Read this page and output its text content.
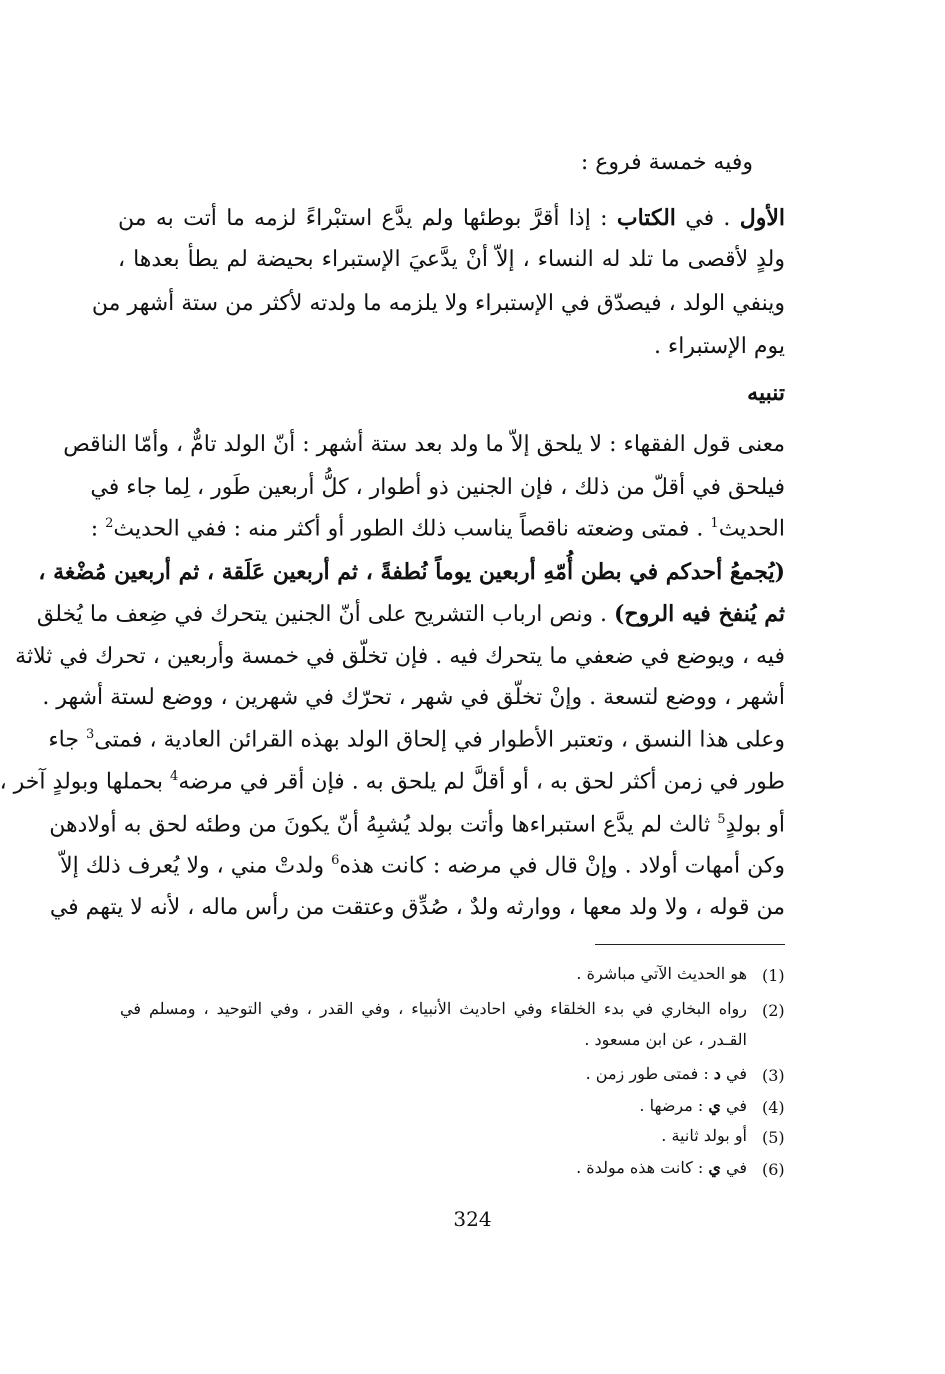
وفيه خمسة فروع :
الأول . في الكتاب : إذا أقرَّ بوطئها ولم يدَّع استبْراءً لزمه ما أتت به من
ولدٍ لأقصى ما تلد له النساء ، إلاّ أنْ يدَّعيَ الإستبراء بحيضة لم يطأ بعدها ،
وينفي الولد ، فيصدّق في الإستبراء ولا يلزمه ما ولدته لأكثر من ستة أشهر من
يوم الإستبراء .
تنبيه
معنى قول الفقهاء : لا يلحق إلاّ ما ولد بعد ستة أشهر : أنّ الولد تامٌّ ، وأمّا الناقص
فيلحق في أقلّ من ذلك ، فإن الجنين ذو أطوار ، كلُّ أربعين طَور ، لِما جاء في
الحديث$^1$ . فمتى وضعته ناقصاً يناسب ذلك الطور أو أكثر منه : ففي الحديث$^2$ :
(يُجمعُ أحدكم في بطن أُمّهِ أربعين يوماً نُطفةً ، ثم أربعين عَلَقة ، ثم أربعين مُضْغة ،
ثم يُنفخ فيه الروح) . ونص ارباب التشريح على أنّ الجنين يتحرك في ضِعف ما يُخلق
فيه ، ويوضع في ضعفي ما يتحرك فيه . فإن تخلّق في خمسة وأربعين ، تحرك في ثلاثة
أشهر ، ووضع لتسعة . وإنْ تخلّق في شهر ، تحرّك في شهرين ، ووضع لستة أشهر .
وعلى هذا النسق ، وتعتبر الأطوار في إلحاق الولد بهذه القرائن العادية ، فمتى$^3$ جاء
طور في زمن أكثر لحق به ، أو أقلَّ لم يلحق به . فإن أقر في مرضه$^4$ بحملها وبولدٍ آخر ،
أو بولدٍ$^5$ ثالث لم يدَّع استبراءها وأتت بولد يُشبِهُ أنّ يكونَ من وطئه لحق به أولادهن
وكن أمهات أولاد . وإنْ قال في مرضه : كانت هذه$^6$ ولدتْ مني ، ولا يُعرف ذلك إلاّ
من قوله ، ولا ولد معها ، ووارثه ولدٌ ، صُدِّق وعتقت من رأس ماله ، لأنه لا يتهم في
(1)
هو الحديث الآتي مباشرة .
(2)
رواه البخاري في بدء الخلقاء وفي احاديث الأنبياء ، وفي القدر ، وفي التوحيد ، ومسلم في
القـدر ، عن ابن مسعود .
(3)
في د : فمتى طور زمن .
(4)
في ي : مرضها .
(5)
أو بولد ثانية .
(6)
في ي : كانت هذه مولدة .
324
